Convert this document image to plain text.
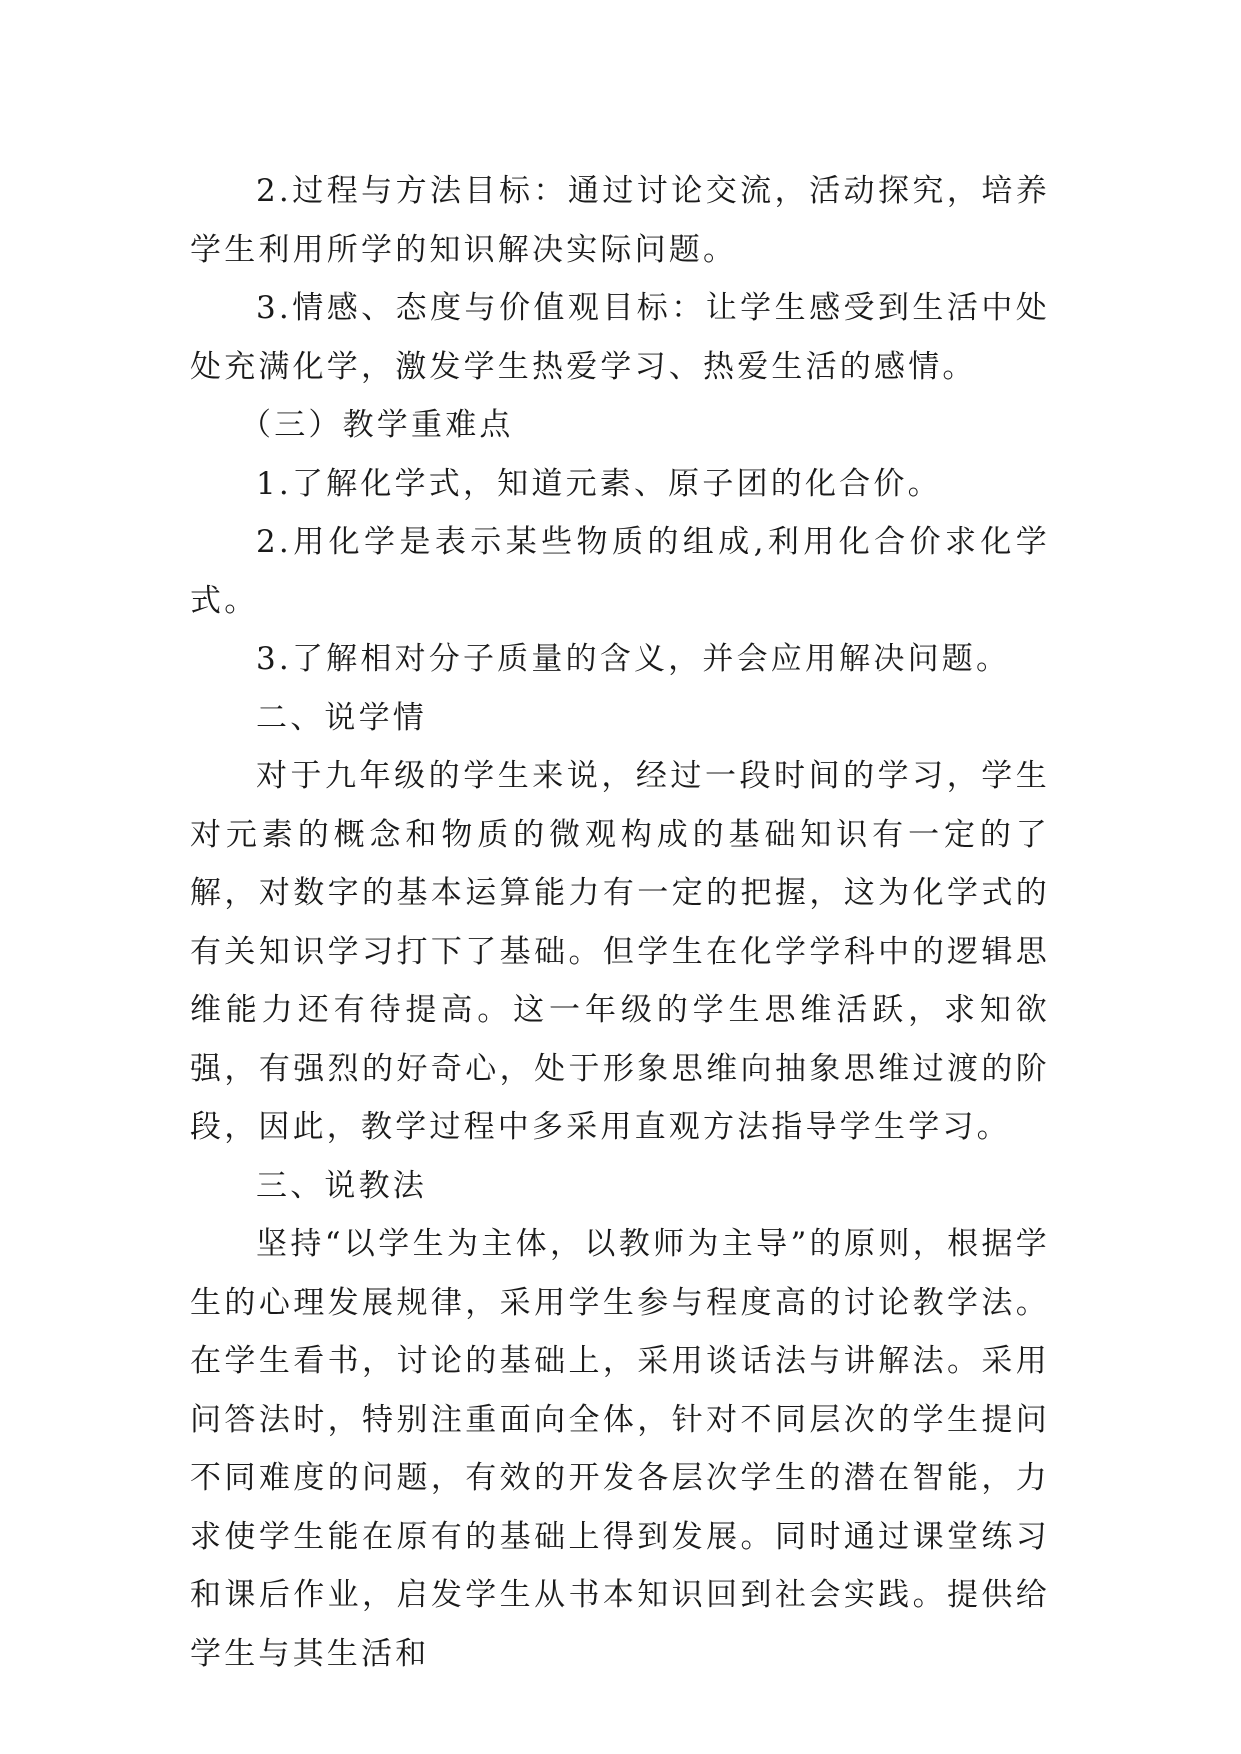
2.过程与方法目标：通过讨论交流，活动探究，培养学生利用所学的知识解决实际问题。

3.情感、态度与价值观目标：让学生感受到生活中处处充满化学，激发学生热爱学习、热爱生活的感情。

（三）教学重难点

1.了解化学式，知道元素、原子团的化合价。

2.用化学是表示某些物质的组成,利用化合价求化学式。

3.了解相对分子质量的含义，并会应用解决问题。

二、说学情

对于九年级的学生来说，经过一段时间的学习，学生对元素的概念和物质的微观构成的基础知识有一定的了解，对数字的基本运算能力有一定的把握，这为化学式的有关知识学习打下了基础。但学生在化学学科中的逻辑思维能力还有待提高。这一年级的学生思维活跃，求知欲强，有强烈的好奇心，处于形象思维向抽象思维过渡的阶段，因此，教学过程中多采用直观方法指导学生学习。

三、说教法

坚持“以学生为主体，以教师为主导”的原则，根据学生的心理发展规律，采用学生参与程度高的讨论教学法。在学生看书，讨论的基础上，采用谈话法与讲解法。采用问答法时，特别注重面向全体，针对不同层次的学生提问不同难度的问题，有效的开发各层次学生的潜在智能，力求使学生能在原有的基础上得到发展。同时通过课堂练习和课后作业，启发学生从书本知识回到社会实践。提供给学生与其生活和
